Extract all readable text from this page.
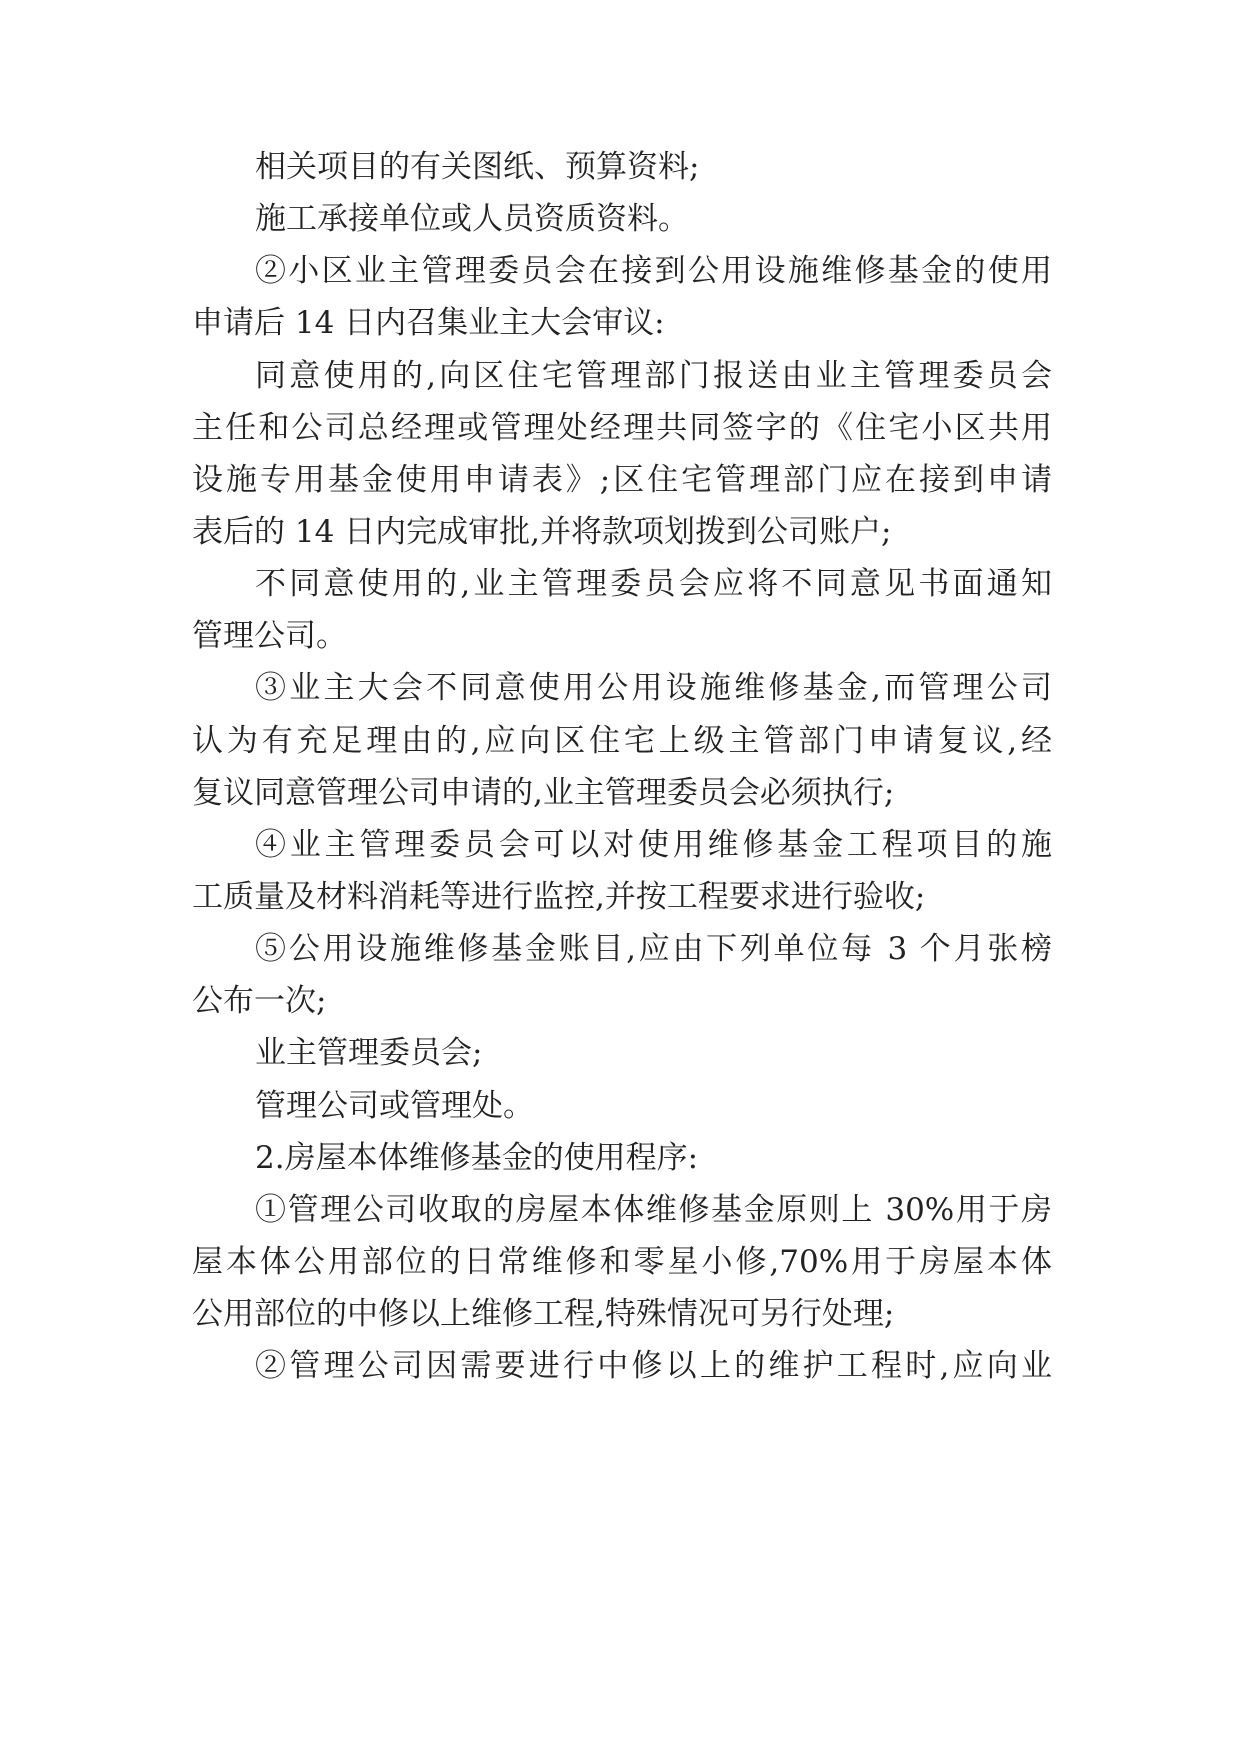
相关项目的有关图纸、预算资料;
施工承接单位或人员资质资料。
②小区业主管理委员会在接到公用设施维修基金的使用
申请后 14 日内召集业主大会审议:
同意使用的,向区住宅管理部门报送由业主管理委员会
主任和公司总经理或管理处经理共同签字的《住宅小区共用
设施专用基金使用申请表》;区住宅管理部门应在接到申请
表后的 14 日内完成审批,并将款项划拨到公司账户;
不同意使用的,业主管理委员会应将不同意见书面通知
管理公司。
③业主大会不同意使用公用设施维修基金,而管理公司
认为有充足理由的,应向区住宅上级主管部门申请复议,经
复议同意管理公司申请的,业主管理委员会必须执行;
④业主管理委员会可以对使用维修基金工程项目的施
工质量及材料消耗等进行监控,并按工程要求进行验收;
⑤公用设施维修基金账目,应由下列单位每 3 个月张榜
公布一次;
业主管理委员会;
管理公司或管理处。
2.房屋本体维修基金的使用程序:
①管理公司收取的房屋本体维修基金原则上 30%用于房
屋本体公用部位的日常维修和零星小修,70%用于房屋本体
公用部位的中修以上维修工程,特殊情况可另行处理;
②管理公司因需要进行中修以上的维护工程时,应向业
